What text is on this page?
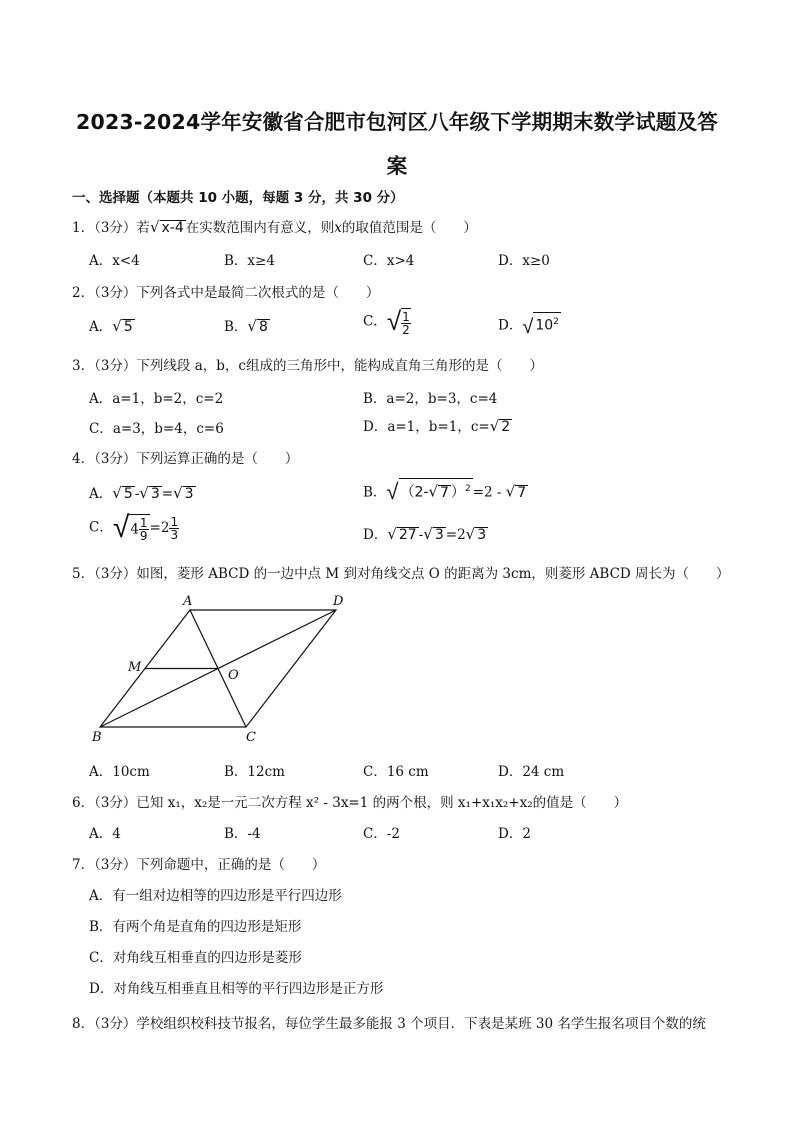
2023-2024学年安徽省合肥市包河区八年级下学期期末数学试题及答
案
一、选择题（本题共 10 小题，每题 3 分，共 30 分）
1．（3分）若√ x-4 在实数范围内有意义，则x的取值范围是（　　）
A．x<4	B．x≥4	C．x>4	D．x≥0
2．（3分）下列各式中是最简二次根式的是（　　）
A．√ 5	B．√ 8	C．√ $\frac{1}{2}$	D．√ $10^2$
3．（3分）下列线段 a，b，c组成的三角形中，能构成直角三角形的是（　　）
A．a=1，b=2，c=2	B．a=2，b=3，c=4
C．a=3，b=4，c=6	D．a=1，b=1，c=√ 2
4．（3分）下列运算正确的是（　　）
A．√ 5 -√ 3 =√ 3	B．√ （2-√ 7 ）$^2$ =2 - √ 7
C．$√4 \frac{1}{9} =2 \frac{1}{3}$	D．√ 27 -√ 3 =2√ 3
5．（3分）如图，菱形 ABCD 的一边中点 M 到对角线交点 O 的距离为 3cm，则菱形 ABCD 周长为（　　）
A	D
M
O
B	C
A．10cm	B．12cm	C．16 cm	D．24 cm
6．（3分）已知 x₁，x₂是一元二次方程 x² - 3x=1 的两个根，则 x₁+x₁x₂+x₂的值是（　　）
A．4	B．-4	C．-2	D．2
7．（3分）下列命题中，正确的是（　　）
A．有一组对边相等的四边形是平行四边形
B．有两个角是直角的四边形是矩形
C．对角线互相垂直的四边形是菱形
D．对角线互相垂直且相等的平行四边形是正方形
8．（3分）学校组织校科技节报名，每位学生最多能报 3 个项目．下表是某班 30 名学生报名项目个数的统
